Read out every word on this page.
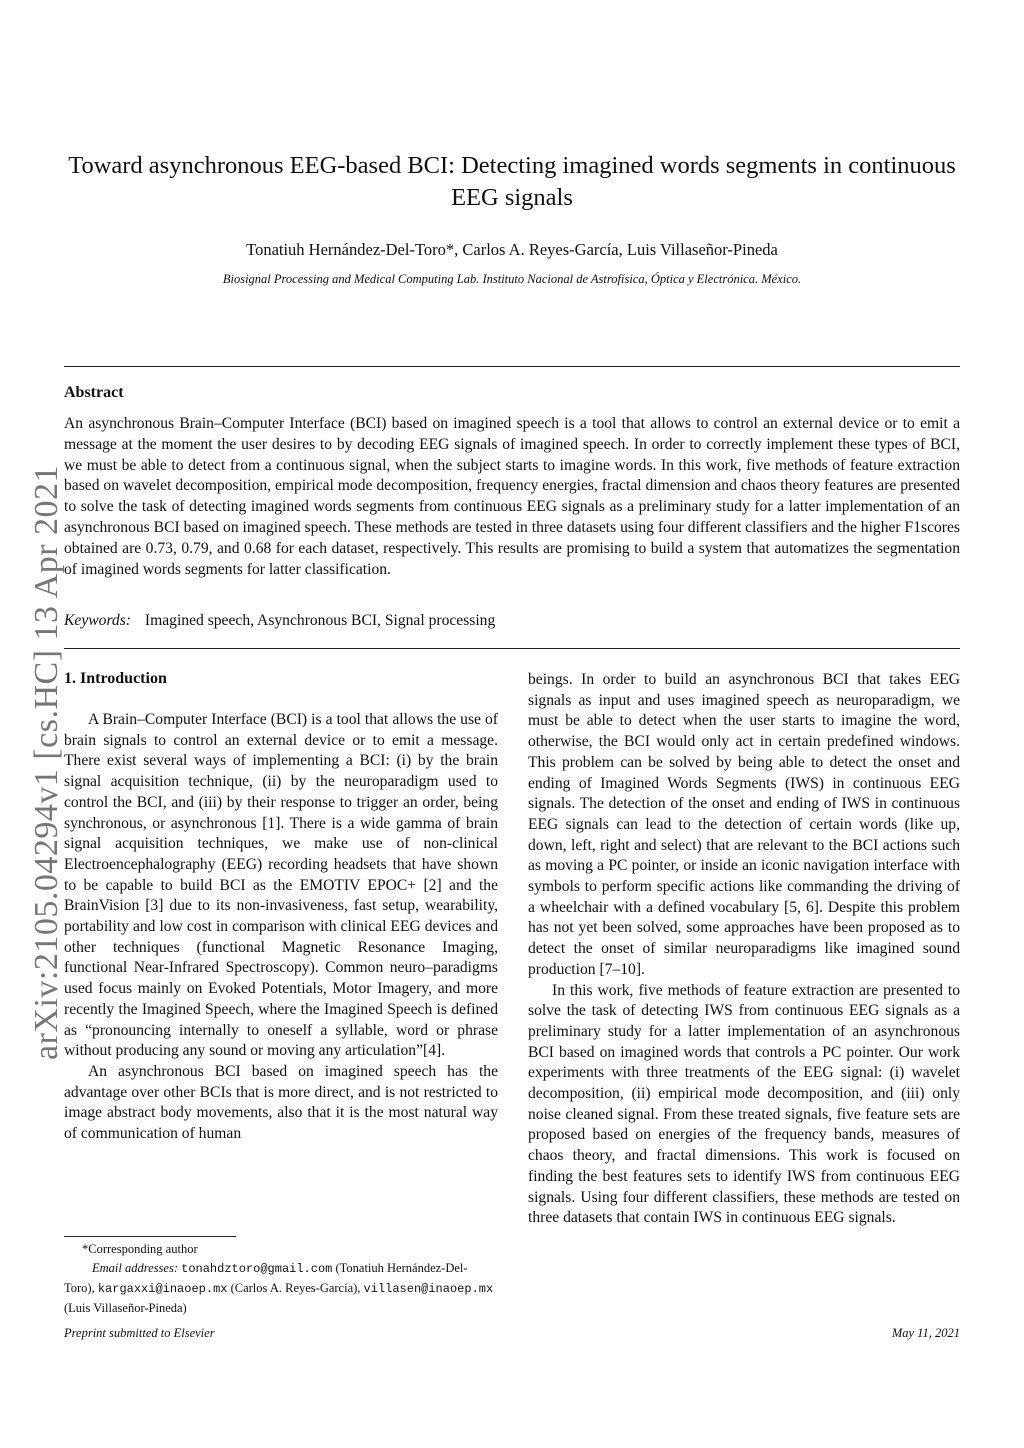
arXiv:2105.04294v1 [cs.HC] 13 Apr 2021
Toward asynchronous EEG-based BCI: Detecting imagined words segments in continuous EEG signals
Tonatiuh Hernández-Del-Toro*, Carlos A. Reyes-García, Luis Villaseñor-Pineda
Biosignal Processing and Medical Computing Lab. Instituto Nacional de Astrofísica, Óptica y Electrónica. México.
Abstract
An asynchronous Brain–Computer Interface (BCI) based on imagined speech is a tool that allows to control an external device or to emit a message at the moment the user desires to by decoding EEG signals of imagined speech. In order to correctly implement these types of BCI, we must be able to detect from a continuous signal, when the subject starts to imagine words. In this work, five methods of feature extraction based on wavelet decomposition, empirical mode decomposition, frequency energies, fractal dimension and chaos theory features are presented to solve the task of detecting imagined words segments from continuous EEG signals as a preliminary study for a latter implementation of an asynchronous BCI based on imagined speech. These methods are tested in three datasets using four different classifiers and the higher F1scores obtained are 0.73, 0.79, and 0.68 for each dataset, respectively. This results are promising to build a system that automatizes the segmentation of imagined words segments for latter classification.
Keywords: Imagined speech, Asynchronous BCI, Signal processing
1. Introduction

A Brain–Computer Interface (BCI) is a tool that allows the use of brain signals to control an external device or to emit a message. There exist several ways of implementing a BCI: (i) by the brain signal acquisition technique, (ii) by the neuroparadigm used to control the BCI, and (iii) by their response to trigger an order, being synchronous, or asynchronous [1]. There is a wide gamma of brain signal acquisition techniques, we make use of non-clinical Electroencephalography (EEG) recording headsets that have shown to be capable to build BCI as the EMOTIV EPOC+ [2] and the BrainVision [3] due to its non-invasiveness, fast setup, wearability, portability and low cost in comparison with clinical EEG devices and other techniques (functional Magnetic Resonance Imaging, functional Near-Infrared Spectroscopy). Common neuro–paradigms used focus mainly on Evoked Potentials, Motor Imagery, and more recently the Imagined Speech, where the Imagined Speech is defined as “pronouncing internally to oneself a syllable, word or phrase without producing any sound or moving any articulation”[4].

An asynchronous BCI based on imagined speech has the advantage over other BCIs that is more direct, and is not restricted to image abstract body movements, also that it is the most natural way of communication of human

beings. In order to build an asynchronous BCI that takes EEG signals as input and uses imagined speech as neuroparadigm, we must be able to detect when the user starts to imagine the word, otherwise, the BCI would only act in certain predefined windows. This problem can be solved by being able to detect the onset and ending of Imagined Words Segments (IWS) in continuous EEG signals. The detection of the onset and ending of IWS in continuous EEG signals can lead to the detection of certain words (like up, down, left, right and select) that are relevant to the BCI actions such as moving a PC pointer, or inside an iconic navigation interface with symbols to perform specific actions like commanding the driving of a wheelchair with a defined vocabulary [5, 6]. Despite this problem has not yet been solved, some approaches have been proposed as to detect the onset of similar neuroparadigms like imagined sound production [7–10].

In this work, five methods of feature extraction are presented to solve the task of detecting IWS from continuous EEG signals as a preliminary study for a latter implementation of an asynchronous BCI based on imagined words that controls a PC pointer. Our work experiments with three treatments of the EEG signal: (i) wavelet decomposition, (ii) empirical mode decomposition, and (iii) only noise cleaned signal. From these treated signals, five feature sets are proposed based on energies of the frequency bands, measures of chaos theory, and fractal dimensions. This work is focused on finding the best features sets to identify IWS from continuous EEG signals. Using four different classifiers, these methods are tested on three datasets that contain IWS in continuous EEG signals.

*Corresponding author
Email addresses: tonahdztoro@gmail.com (Tonatiuh Hernández-Del-Toro), kargaxxi@inaoep.mx (Carlos A. Reyes-García), villasen@inaoep.mx (Luis Villaseñor-Pineda)
Preprint submitted to Elsevier	May 11, 2021
